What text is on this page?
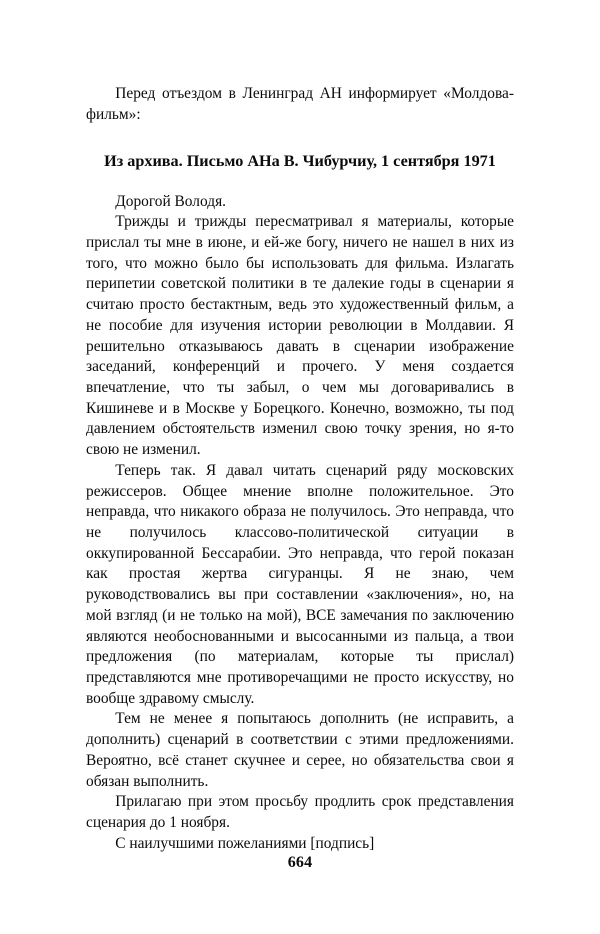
Перед отъездом в Ленинград АН информирует «Молдова-фильм»:

Из архива. Письмо АНа В. Чибурчиу, 1 сентября 1971

Дорогой Володя.

Трижды и трижды пересматривал я материалы, которые прислал ты мне в июне, и ей-же богу, ничего не нашел в них из того, что можно было бы использовать для фильма. Излагать перипетии советской политики в те далекие годы в сценарии я считаю просто бестактным, ведь это художественный фильм, а не пособие для изучения истории революции в Молдавии. Я решительно отказываюсь давать в сценарии изображение заседаний, конференций и прочего. У меня создается впечатление, что ты забыл, о чем мы договаривались в Кишиневе и в Москве у Борецкого. Конечно, возможно, ты под давлением обстоятельств изменил свою точку зрения, но я-то свою не изменил.

Теперь так. Я давал читать сценарий ряду московских режиссеров. Общее мнение вполне положительное. Это неправда, что никакого образа не получилось. Это неправда, что не получилось классово-политической ситуации в оккупированной Бессарабии. Это неправда, что герой показан как простая жертва сигуранцы. Я не знаю, чем руководствовались вы при составлении «заключения», но, на мой взгляд (и не только на мой), ВСЕ замечания по заключению являются необоснованными и высосанными из пальца, а твои предложения (по материалам, которые ты прислал) представляются мне противоречащими не просто искусству, но вообще здравому смыслу.

Тем не менее я попытаюсь дополнить (не исправить, а дополнить) сценарий в соответствии с этими предложениями. Вероятно, всё станет скучнее и серее, но обязательства свои я обязан выполнить.

Прилагаю при этом просьбу продлить срок представления сценария до 1 ноября.

С наилучшими пожеланиями [подпись]

664
